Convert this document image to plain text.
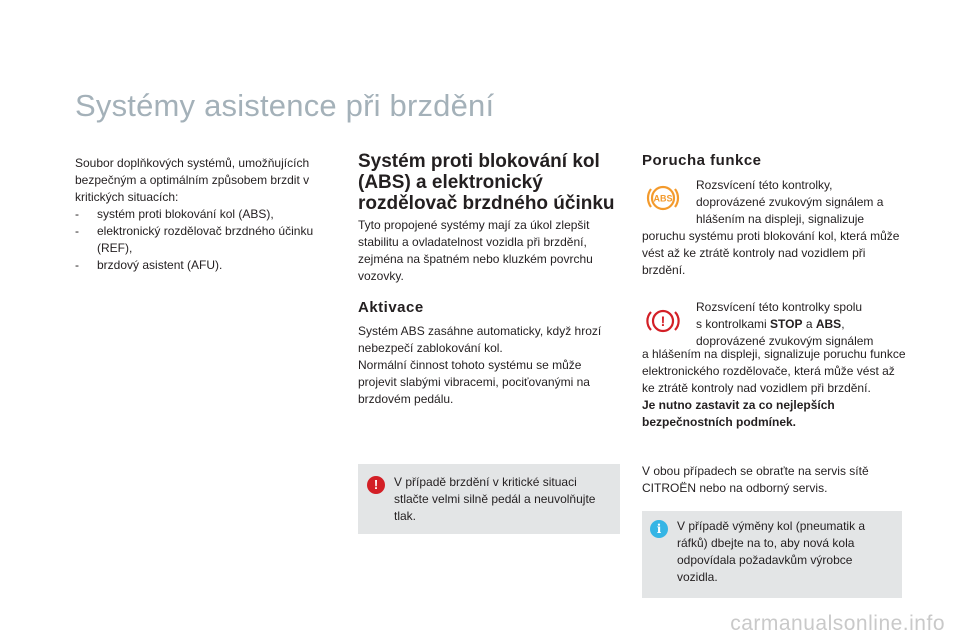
Systémy asistence při brzdění

Soubor doplňkových systémů, umožňujících bezpečným a optimálním způsobem brzdit v kritických situacích:

- systém proti blokování kol (ABS),
- elektronický rozdělovač brzdného účinku (REF),
- brzdový asistent (AFU).
Systém proti blokování kol (ABS) a elektronický rozdělovač brzdného účinku
Tyto propojené systémy mají za úkol zlepšit stabilitu a ovladatelnost vozidla při brzdění, zejména na špatném nebo kluzkém povrchu vozovky.
Aktivace
Systém ABS zasáhne automaticky, když hrozí nebezpečí zablokování kol.
Normální činnost tohoto systému se může projevit slabými vibracemi, pociťovanými na brzdovém pedálu.
!	V případě brzdění v kritické situaci stlačte velmi silně pedál a neuvolňujte tlak.
Porucha funkce
ABS
Rozsvícení této kontrolky, doprovázené zvukovým signálem a hlášením na displeji, signalizuje
poruchu systému proti blokování kol, která může vést až ke ztrátě kontroly nad vozidlem při brzdění.
!
Rozsvícení této kontrolky spolu
s kontrolkami STOP a ABS,
doprovázené zvukovým signálem
a hlášením na displeji, signalizuje poruchu funkce elektronického rozdělovače, která může vést až ke ztrátě kontroly nad vozidlem při brzdění.
Je nutno zastavit za co nejlepších bezpečnostních podmínek.
V obou případech se obraťte na servis sítě CITROËN nebo na odborný servis.
i	V případě výměny kol (pneumatik a ráfků) dbejte na to, aby nová kola odpovídala požadavkům výrobce vozidla.
carmanualsonline.info
